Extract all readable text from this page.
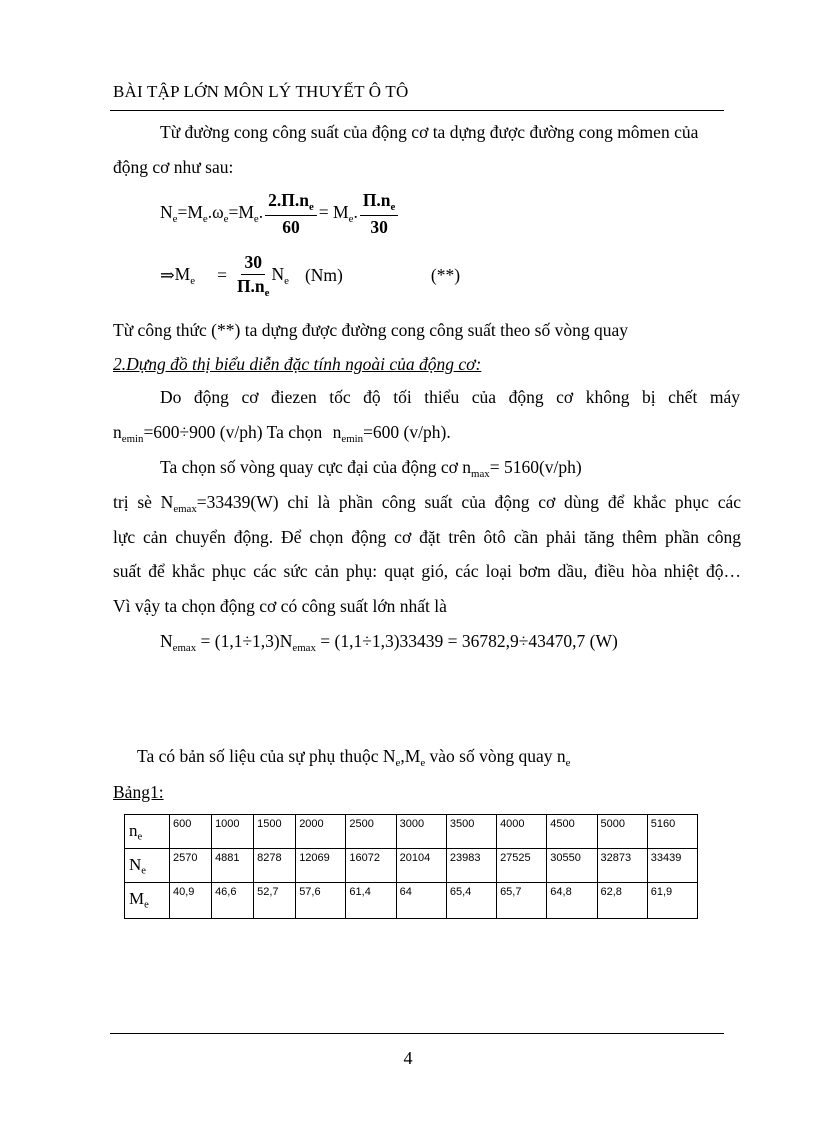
BÀI TẬP LỚN MÔN LÝ THUYẾT Ô TÔ
Từ đường cong công suất của động cơ ta dựng được đường cong mômen của
động cơ như sau:
$N_e =M_e.\omega_e =M_e$. $\frac{2.\Pi.n_e}{60} = M_e$. $\frac{\Pi.n_e}{30}$
⇒ $M_e = \frac{30}{\Pi.n_e} N_e$ (Nm)	(**)
Từ công thức (**) ta dựng được đường cong công suất theo số vòng quay
2.Dựng đồ thị biểu diễn đặc tính ngoài của động cơ:
Do động cơ điezen tốc độ tối thiểu của động cơ không bị chết máy
$n_{emin}=600\div 900$ (v/ph) Ta chọn $n_{emin}=600$ (v/ph).
Ta chọn số vòng quay cực đại của động cơ $n_{max}= 5160(v/ph)$
trị sè $N_{emax}=33439(W)$ chỉ là phần công suất của động cơ dùng để khắc phục các
lực cản chuyển động. Để chọn động cơ đặt trên ôtô cần phải tăng thêm phần công
suất để khắc phục các sức cản phụ: quạt gió, các loại bơm dầu, điều hòa nhiệt độ…
Vì vậy ta chọn động cơ có công suất lớn nhất là
$N_{emax} = (1,1\div 1,3)N_{emax} = (1,1\div 1,3)33439 = 36782,9\div 43470,7$ (W)
Ta có bản số liệu của sự phụ thuộc $N_e,M_e$ vào số vòng quay $n_e$
Bảng1:
$n_e$	600	1000	1500	2000	2500	3000	3500	4000	4500	5000	5160
$N_e$	2570	4881	8278	12069	16072	20104	23983	27525	30550	32873	33439
$M_e$	40,9	46,6	52,7	57,6	61,4	64	65,4	65,7	64,8	62,8	61,9
4
